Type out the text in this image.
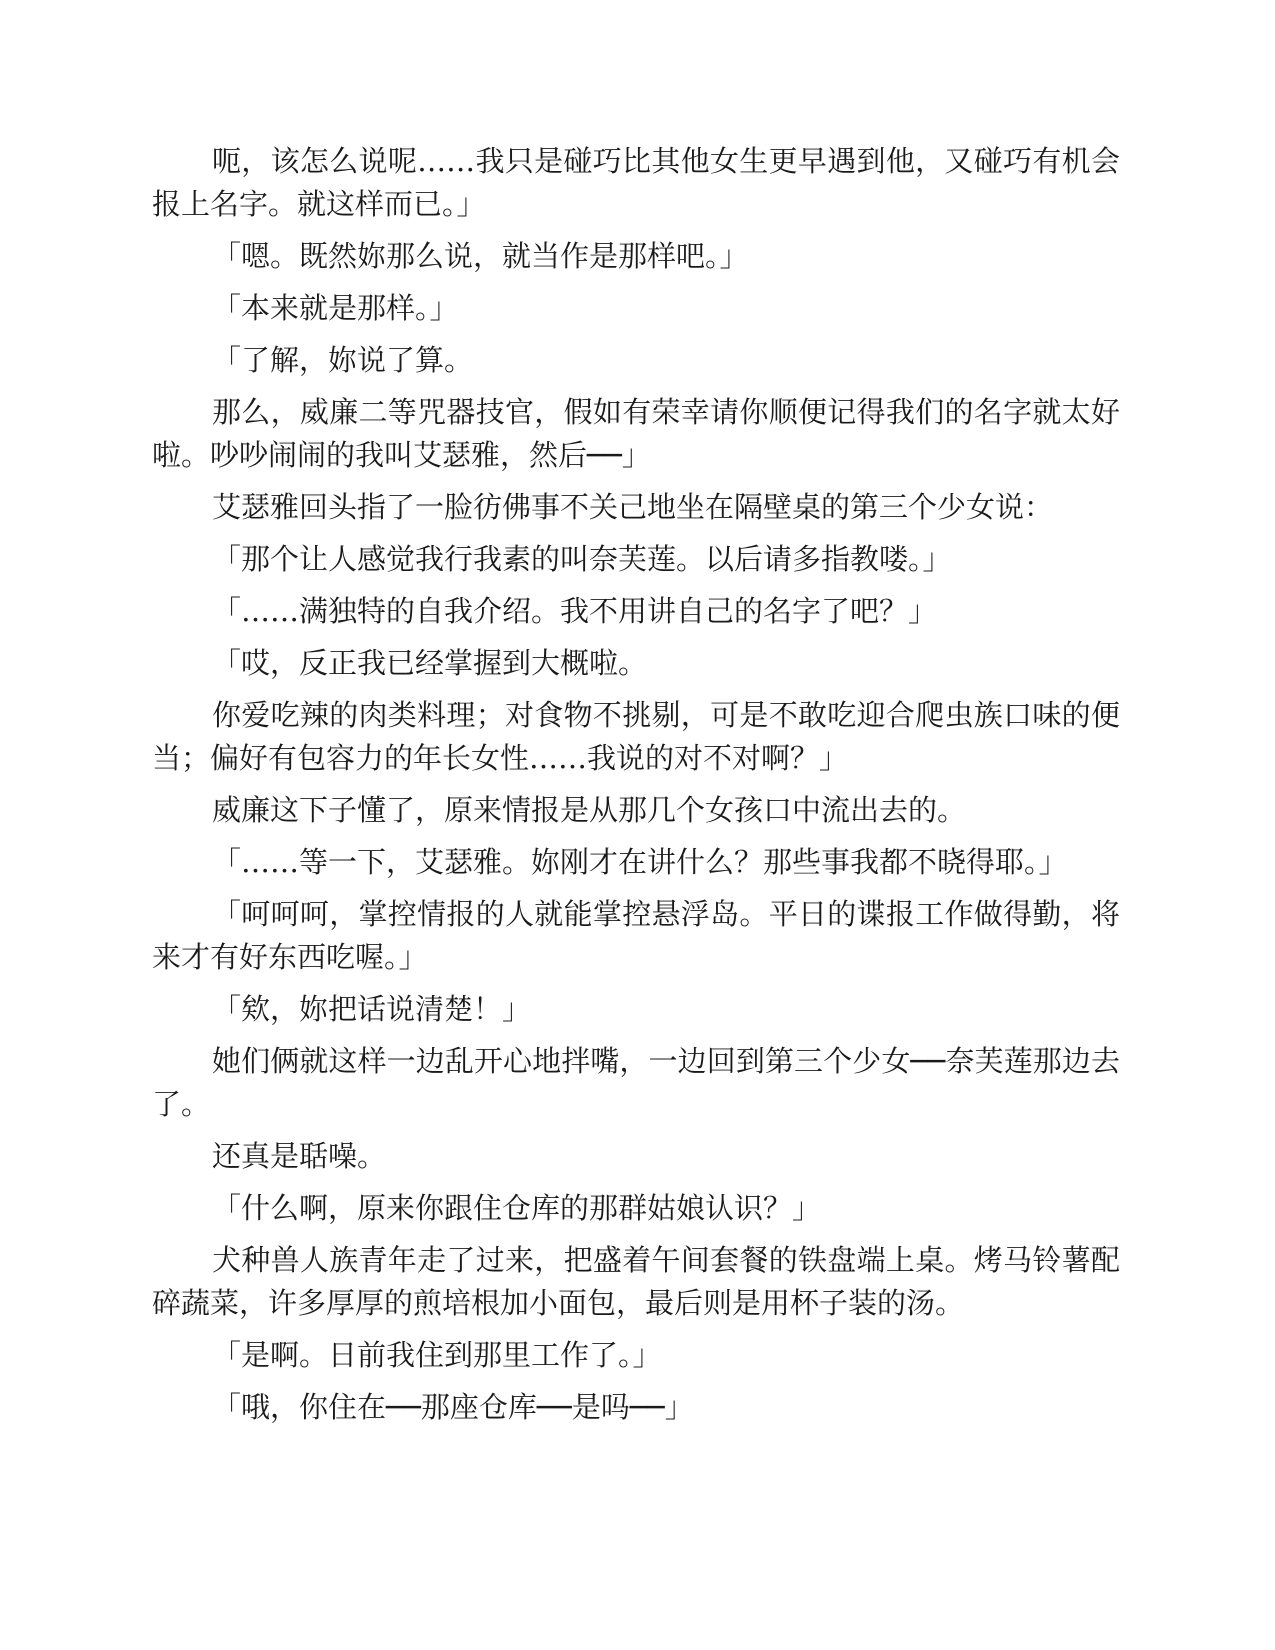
呃，该怎么说呢……我只是碰巧比其他女生更早遇到他，又碰巧有机会报上名字。就这样而已。」

「嗯。既然妳那么说，就当作是那样吧。」

「本来就是那样。」

「了解，妳说了算。

那么，威廉二等咒器技官，假如有荣幸请你顺便记得我们的名字就太好啦。吵吵闹闹的我叫艾瑟雅，然后──」

艾瑟雅回头指了一脸彷佛事不关己地坐在隔壁桌的第三个少女说：

「那个让人感觉我行我素的叫奈芙莲。以后请多指教喽。」

「……满独特的自我介绍。我不用讲自己的名字了吧？」

「哎，反正我已经掌握到大概啦。

你爱吃辣的肉类料理；对食物不挑剔，可是不敢吃迎合爬虫族口味的便当；偏好有包容力的年长女性……我说的对不对啊？」

威廉这下子懂了，原来情报是从那几个女孩口中流出去的。

「……等一下，艾瑟雅。妳刚才在讲什么？那些事我都不晓得耶。」

「呵呵呵，掌控情报的人就能掌控悬浮岛。平日的谍报工作做得勤，将来才有好东西吃喔。」

「欸，妳把话说清楚！」

她们俩就这样一边乱开心地拌嘴，一边回到第三个少女──奈芙莲那边去了。

还真是聒噪。

「什么啊，原来你跟住仓库的那群姑娘认识？」

犬种兽人族青年走了过来，把盛着午间套餐的铁盘端上桌。烤马铃薯配碎蔬菜，许多厚厚的煎培根加小面包，最后则是用杯子装的汤。

「是啊。日前我住到那里工作了。」

「哦，你住在──那座仓库──是吗──」
